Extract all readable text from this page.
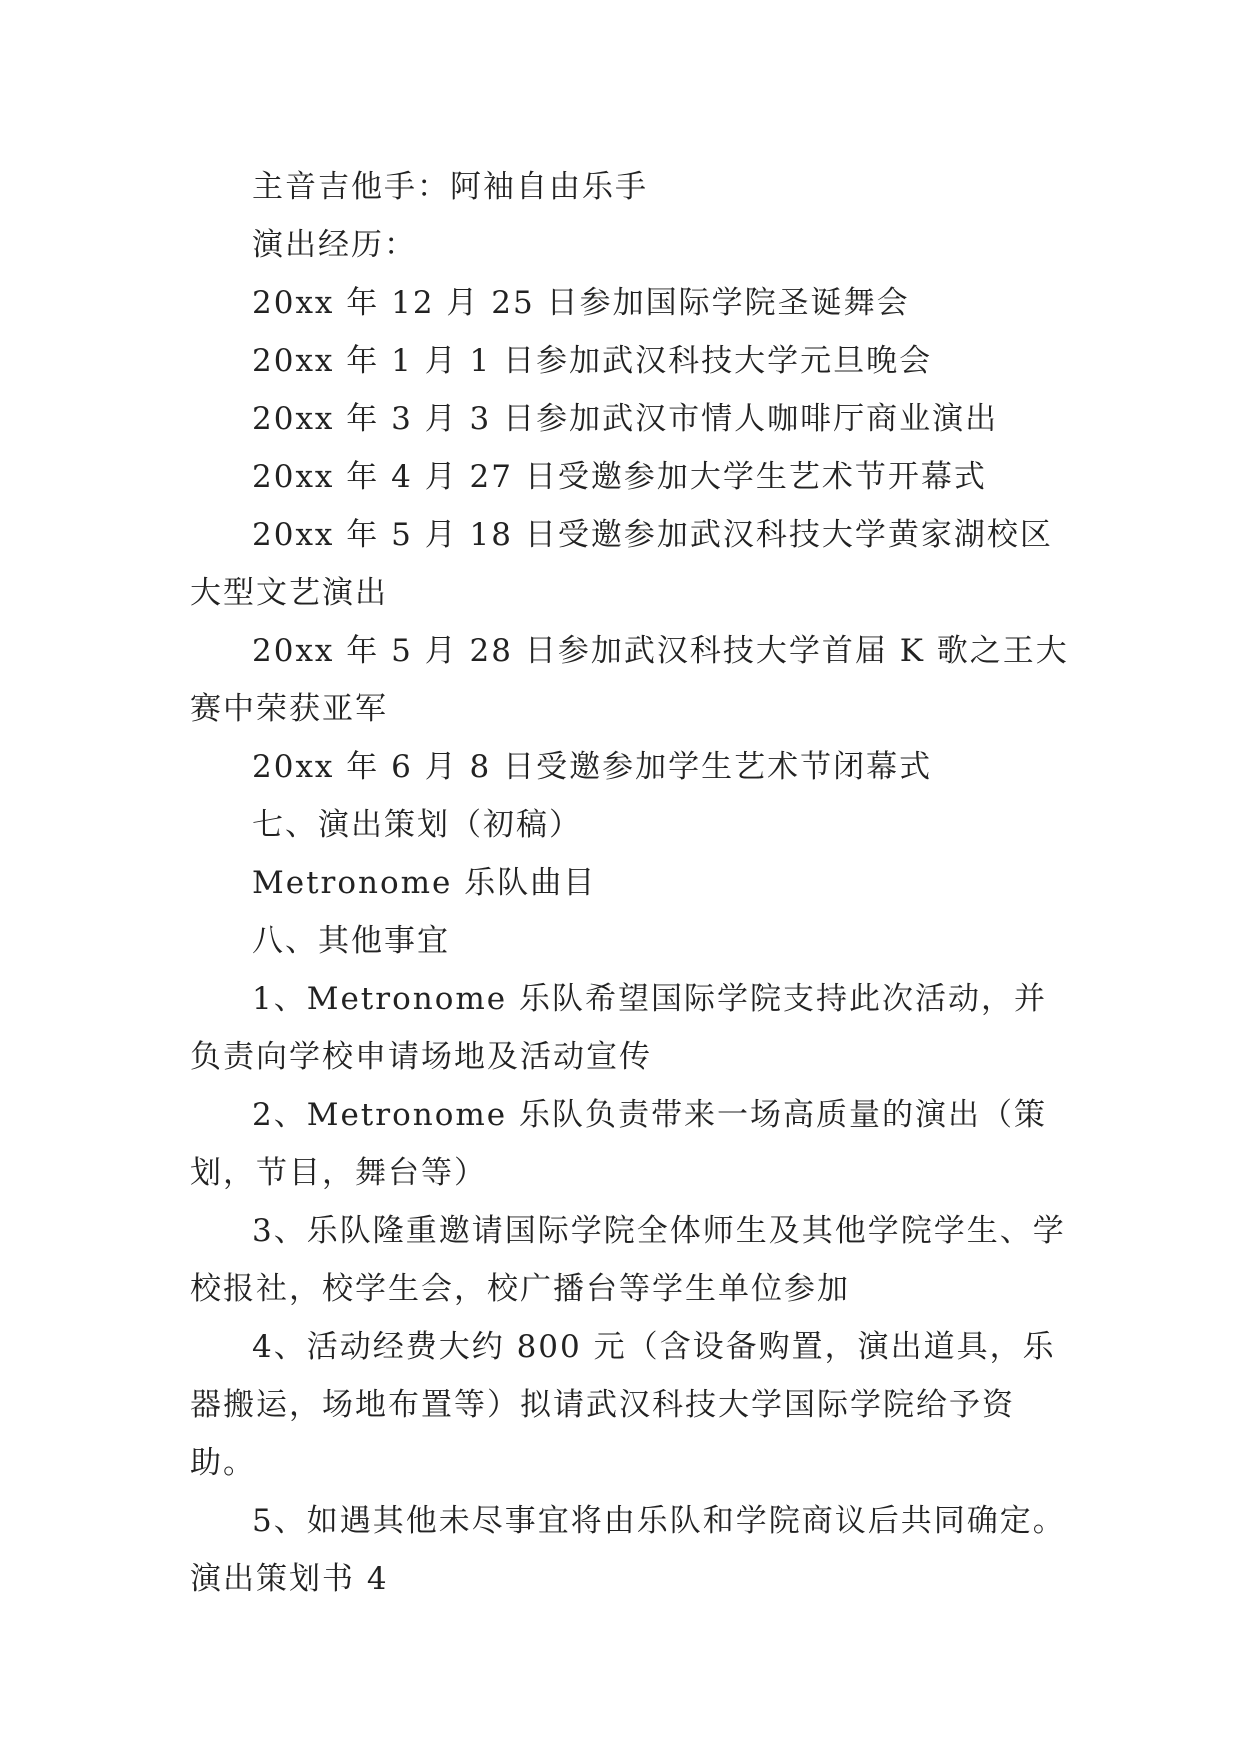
主音吉他手：阿袖自由乐手

演出经历：

20xx 年 12 月 25 日参加国际学院圣诞舞会

20xx 年 1 月 1 日参加武汉科技大学元旦晚会

20xx 年 3 月 3 日参加武汉市情人咖啡厅商业演出

20xx 年 4 月 27 日受邀参加大学生艺术节开幕式

20xx 年 5 月 18 日受邀参加武汉科技大学黄家湖校区大型文艺演出

20xx 年 5 月 28 日参加武汉科技大学首届 K 歌之王大赛中荣获亚军

20xx 年 6 月 8 日受邀参加学生艺术节闭幕式

七、演出策划（初稿）

Metronome 乐队曲目

八、其他事宜

1、Metronome 乐队希望国际学院支持此次活动，并负责向学校申请场地及活动宣传

2、Metronome 乐队负责带来一场高质量的演出（策划，节目，舞台等）

3、乐队隆重邀请国际学院全体师生及其他学院学生、学校报社，校学生会，校广播台等学生单位参加

4、活动经费大约 800 元（含设备购置，演出道具，乐器搬运，场地布置等）拟请武汉科技大学国际学院给予资助。

5、如遇其他未尽事宜将由乐队和学院商议后共同确定。

演出策划书 4
